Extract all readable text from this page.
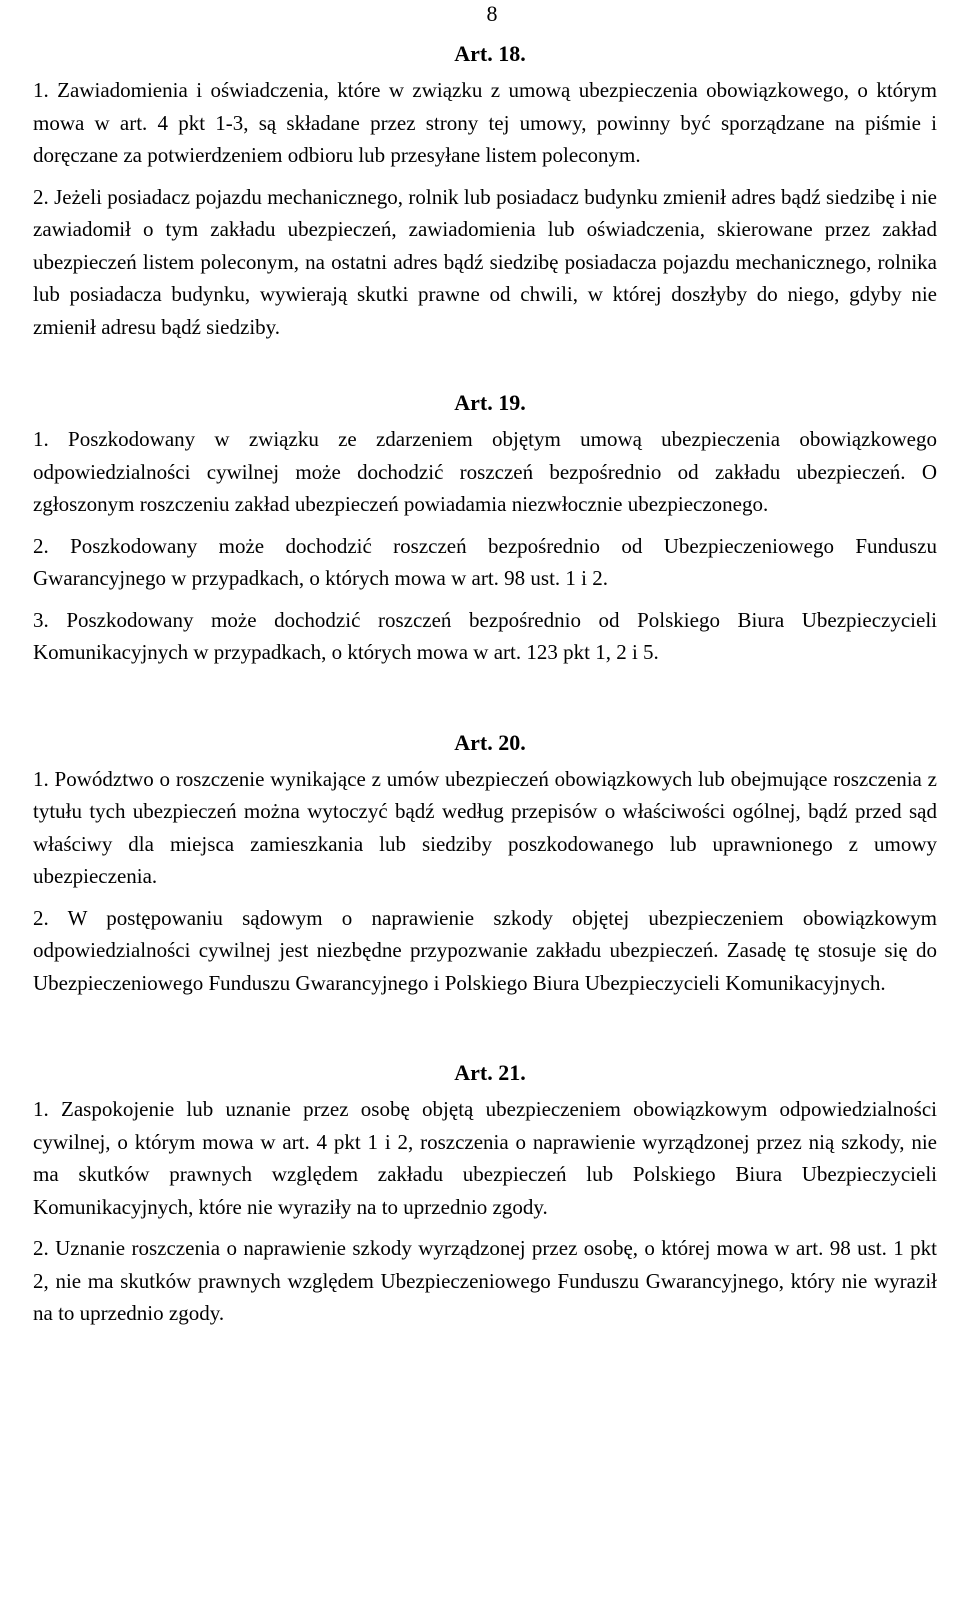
8
Art. 18.

1. Zawiadomienia i oświadczenia, które w związku z umową ubezpieczenia obowiązkowego, o którym mowa w art. 4 pkt 1-3, są składane przez strony tej umowy, powinny być sporządzane na piśmie i doręczane za potwierdzeniem odbioru lub przesyłane listem poleconym.

2. Jeżeli posiadacz pojazdu mechanicznego, rolnik lub posiadacz budynku zmienił adres bądź siedzibę i nie zawiadomił o tym zakładu ubezpieczeń, zawiadomienia lub oświadczenia, skierowane przez zakład ubezpieczeń listem poleconym, na ostatni adres bądź siedzibę posiadacza pojazdu mechanicznego, rolnika lub posiadacza budynku, wywierają skutki prawne od chwili, w której doszłyby do niego, gdyby nie zmienił adresu bądź siedziby.

Art. 19.

1. Poszkodowany w związku ze zdarzeniem objętym umową ubezpieczenia obowiązkowego odpowiedzialności cywilnej może dochodzić roszczeń bezpośrednio od zakładu ubezpieczeń. O zgłoszonym roszczeniu zakład ubezpieczeń powiadamia niezwłocznie ubezpieczonego.

2. Poszkodowany może dochodzić roszczeń bezpośrednio od Ubezpieczeniowego Funduszu Gwarancyjnego w przypadkach, o których mowa w art. 98 ust. 1 i 2.

3. Poszkodowany może dochodzić roszczeń bezpośrednio od Polskiego Biura Ubezpieczycieli Komunikacyjnych w przypadkach, o których mowa w art. 123 pkt 1, 2 i 5.

Art. 20.

1. Powództwo o roszczenie wynikające z umów ubezpieczeń obowiązkowych lub obejmujące roszczenia z tytułu tych ubezpieczeń można wytoczyć bądź według przepisów o właściwości ogólnej, bądź przed sąd właściwy dla miejsca zamieszkania lub siedziby poszkodowanego lub uprawnionego z umowy ubezpieczenia.

2. W postępowaniu sądowym o naprawienie szkody objętej ubezpieczeniem obowiązkowym odpowiedzialności cywilnej jest niezbędne przypozwanie zakładu ubezpieczeń. Zasadę tę stosuje się do Ubezpieczeniowego Funduszu Gwarancyjnego i Polskiego Biura Ubezpieczycieli Komunikacyjnych.

Art. 21.

1. Zaspokojenie lub uznanie przez osobę objętą ubezpieczeniem obowiązkowym odpowiedzialności cywilnej, o którym mowa w art. 4 pkt 1 i 2, roszczenia o naprawienie wyrządzonej przez nią szkody, nie ma skutków prawnych względem zakładu ubezpieczeń lub Polskiego Biura Ubezpieczycieli Komunikacyjnych, które nie wyraziły na to uprzednio zgody.

2. Uznanie roszczenia o naprawienie szkody wyrządzonej przez osobę, o której mowa w art. 98 ust. 1 pkt 2, nie ma skutków prawnych względem Ubezpieczeniowego Funduszu Gwarancyjnego, który nie wyraził na to uprzednio zgody.
